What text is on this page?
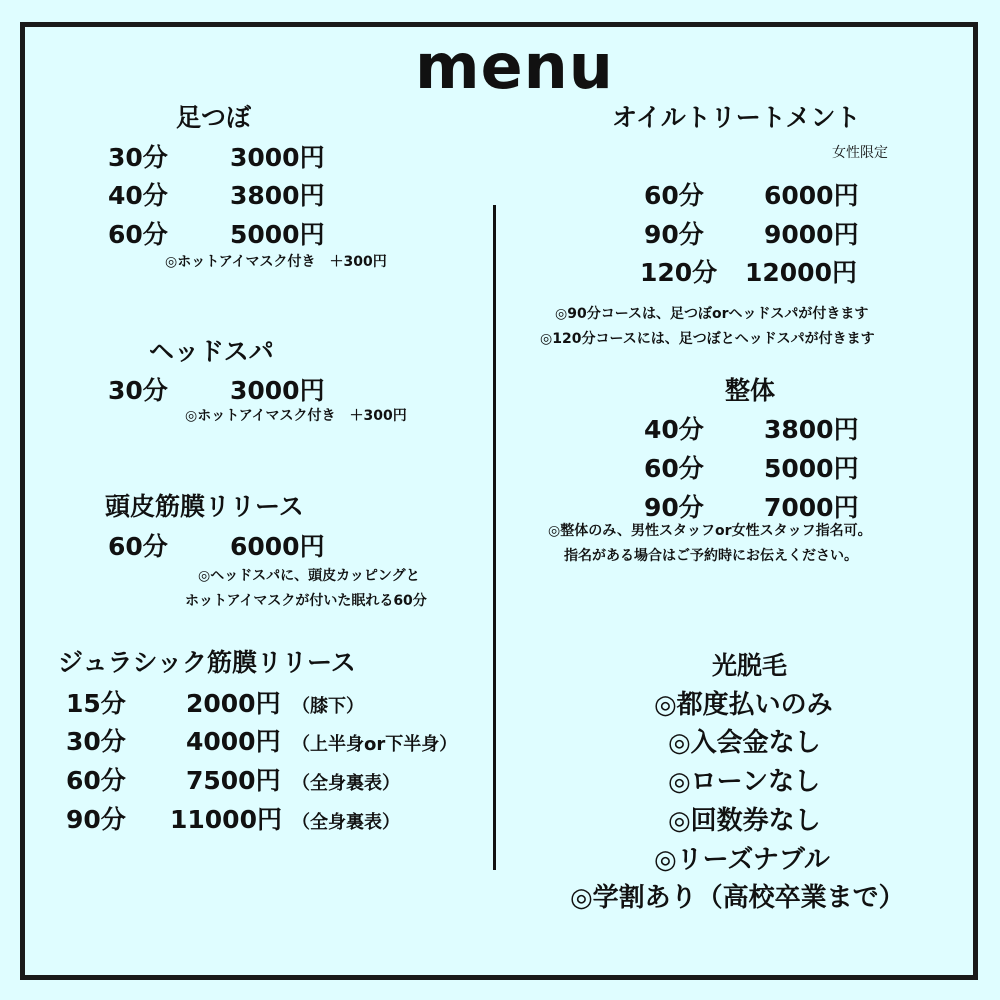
menu
足つぼ
30分 3000円
40分 3800円
60分 5000円
◎ホットアイマスク付き　＋300円
ヘッドスパ
30分 3000円
◎ホットアイマスク付き　＋300円
頭皮筋膜リリース
60分 6000円
◎ヘッドスパに、頭皮カッピングと
ホットアイマスクが付いた眠れる60分
ジュラシック筋膜リリース
15分 2000円 （膝下）
30分 4000円 （上半身or下半身）
60分 7500円 （全身裏表）
90分 11000円 （全身裏表）
オイルトリートメント
女性限定
60分 6000円
90分 9000円
120分 12000円
◎90分コースは、足つぼorヘッドスパが付きます
◎120分コースには、足つぼとヘッドスパが付きます
整体
40分 3800円
60分 5000円
90分 7000円
◎整体のみ、男性スタッフor女性スタッフ指名可。
指名がある場合はご予約時にお伝えください。
光脱毛
◎都度払いのみ
◎入会金なし
◎ローンなし
◎回数券なし
◎リーズナブル
◎学割あり（高校卒業まで）
